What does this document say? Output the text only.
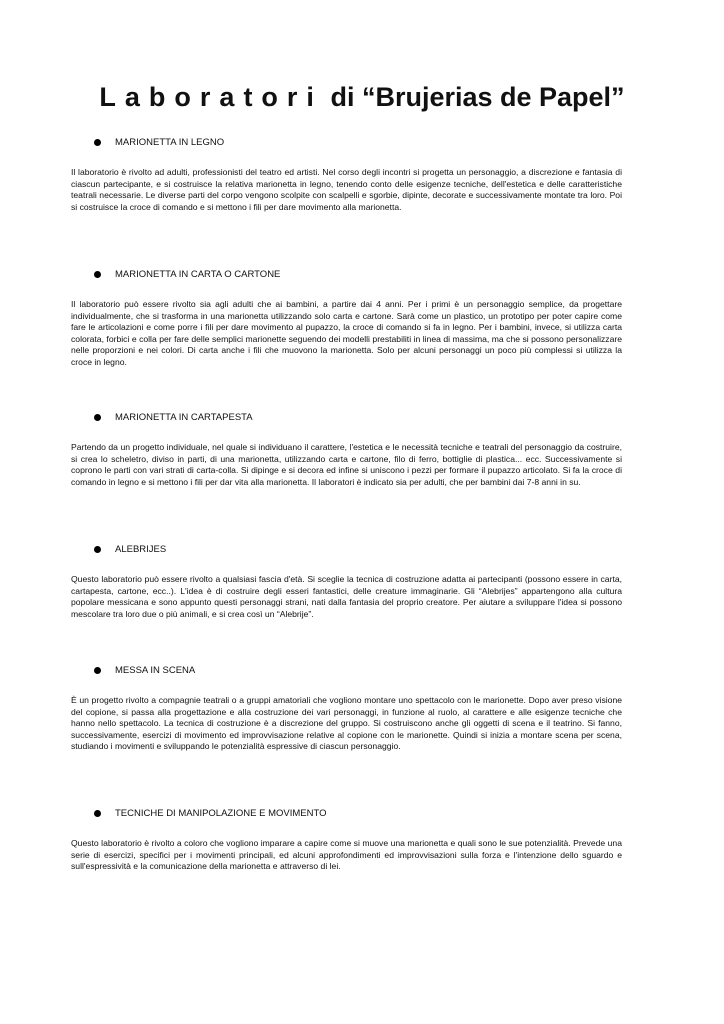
Laboratori di “Brujerias de Papel”
MARIONETTA IN LEGNO

Il laboratorio è rivolto ad adulti, professionisti del teatro ed artisti. Nel corso degli incontri si progetta un personaggio, a discrezione e fantasia di ciascun partecipante, e si costruisce la relativa marionetta in legno, tenendo conto delle esigenze tecniche, dell'estetica e delle caratteristiche teatrali necessarie. Le diverse parti del corpo vengono scolpite con scalpelli e sgorbie, dipinte, decorate e successivamente montate tra loro. Poi si costruisce la croce di comando e si mettono i fili per dare movimento alla marionetta.

MARIONETTA IN CARTA O CARTONE

Il laboratorio può essere rivolto sia agli adulti che ai bambini, a partire dai 4 anni. Per i primi è un personaggio semplice, da progettare individualmente, che si trasforma in una marionetta utilizzando solo carta e cartone. Sarà come un plastico, un prototipo per poter capire come fare le articolazioni e come porre i fili per dare movimento al pupazzo, la croce di comando si fa in legno. Per i bambini, invece, si utilizza carta colorata, forbici e colla per fare delle semplici marionette seguendo dei modelli prestabiliti in linea di massima, ma che si possono personalizzare nelle proporzioni e nei colori. Di carta anche i fili che muovono la marionetta. Solo per alcuni personaggi un poco più complessi si utilizza la croce in legno.

MARIONETTA IN CARTAPESTA

Partendo da un progetto individuale, nel quale si individuano il carattere, l'estetica e le necessità tecniche e teatrali del personaggio da costruire, si crea lo scheletro, diviso in parti, di una marionetta, utilizzando carta e cartone, filo di ferro, bottiglie di plastica... ecc. Successivamente si coprono le parti con vari strati di carta-colla. Si dipinge e si decora ed infine si uniscono i pezzi per formare il pupazzo articolato. Si fa la croce di comando in legno e si mettono i fili per dar vita alla marionetta. Il laboratori è indicato sia per adulti, che per bambini dai 7-8 anni in su.

ALEBRIJES

Questo laboratorio può essere rivolto a qualsiasi fascia d'età. Si sceglie la tecnica di costruzione adatta ai partecipanti (possono essere in carta, cartapesta, cartone, ecc..). L'idea è di costruire degli esseri fantastici, delle creature immaginarie. Gli “Alebrijes” appartengono alla cultura popolare messicana e sono appunto questi personaggi strani, nati dalla fantasia del proprio creatore. Per aiutare a sviluppare l'idea si possono mescolare tra loro due o più animali, e si crea così un “Alebrije”.

MESSA IN SCENA

È un progetto rivolto a compagnie teatrali o a gruppi amatoriali che vogliono montare uno spettacolo con le marionette. Dopo aver preso visione del copione, si passa alla progettazione e alla costruzione dei vari personaggi, in funzione al ruolo, al carattere e alle esigenze tecniche che hanno nello spettacolo. La tecnica di costruzione è a discrezione del gruppo. Si costruiscono anche gli oggetti di scena e il teatrino. Si fanno, successivamente, esercizi di movimento ed improvvisazione relative al copione con le marionette. Quindi si inizia a montare scena per scena, studiando i movimenti e sviluppando le potenzialità espressive di ciascun personaggio.

TECNICHE DI MANIPOLAZIONE E MOVIMENTO

Questo laboratorio è rivolto a coloro che vogliono imparare a capire come si muove una marionetta e quali sono le sue potenzialità. Prevede una serie di esercizi, specifici per i movimenti principali, ed alcuni approfondimenti ed improvvisazioni sulla forza e l'intenzione dello sguardo e sull'espressività e la comunicazione della marionetta e attraverso di lei.
